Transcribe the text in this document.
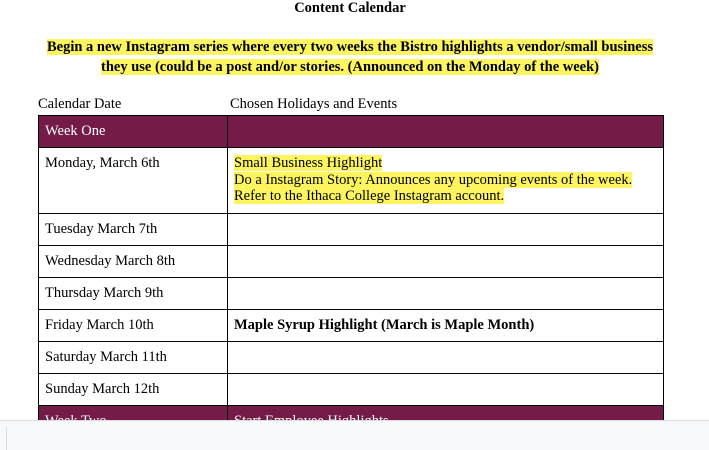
Content Calendar
Begin a new Instagram series where every two weeks the Bistro highlights a vendor/small business
they use (could be a post and/or stories. (Announced on the Monday of the week)
Calendar Date	Chosen Holidays and Events
Week One	
Monday, March 6th	Small Business Highlight
Do a Instagram Story: Announces any upcoming events of the week.
Refer to the Ithaca College Instagram account.
Tuesday March 7th	
Wednesday March 8th	
Thursday March 9th	
Friday March 10th	Maple Syrup Highlight (March is Maple Month)
Saturday March 11th	
Sunday March 12th	
